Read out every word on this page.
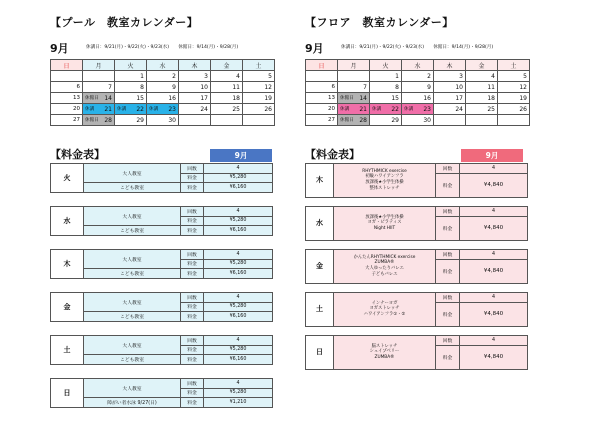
【プール　教室カレンダー】
9月	休講日：9/21(月)・9/22(火)・9/23(水)　　休館日：9/14(月)・9/28(月)
日	月	火	水	木	金	土
		1	2	3	4	5
6	7	8	9	10	11	12
13	休館日 14	15	16	17	18	19
20	休講 21	休講 22	休講 23	24	25	26
27	休館日 28	29	30			
【料金表】	9月
火	大人教室	回数	4
		料金	¥5,280
	こども教室	料金	¥6,160
水	大人教室	回数	4
		料金	¥5,280
	こども教室	料金	¥6,160
木	大人教室	回数	4
		料金	¥5,280
	こども教室	料金	¥6,160
金	大人教室	回数	4
		料金	¥5,280
	こども教室	料金	¥6,160
土	大人教室	回数	4
		料金	¥5,280
	こども教室	料金	¥6,160
日	大人教室	回数	4
		料金	¥5,280
	障がい者水泳 9/27(日)	料金	¥1,210
【フロア　教室カレンダー】
9月	休講日：9/21(月)・9/22(火)・9/23(水)　　休館日：9/14(月)・9/28(月)
日	月	火	水	木	金	土
		1	2	3	4	5
6	7	8	9	10	11	12
13	休館日 14	15	16	17	18	19
20	休講 21	休講 22	休講 23	24	25	26
27	休館日 28	29	30			
【料金表】	9月
木	RHYTHMICK exercise
初級ハワイアンフラ
放課後★小学生体操
整体ストレッチ	回数	4
		料金	¥4,840
水	放課後★小学生体操
ヨガ・ピラティス
Night HIIT	回数	4
		料金	¥4,840
金	かんたんRHYTHMICK exercise
ZUMBA®
大人ゆったりバレエ
子どもバレエ	回数	4
		料金	¥4,840
土	インナーヨガ
ヨガストレッチ
ハワイアンフラ①・②	回数	4
		料金	¥4,840
日	脳ストレッチ
シェイプベリー
ZUMBA®	回数	4
		料金	¥4,840
